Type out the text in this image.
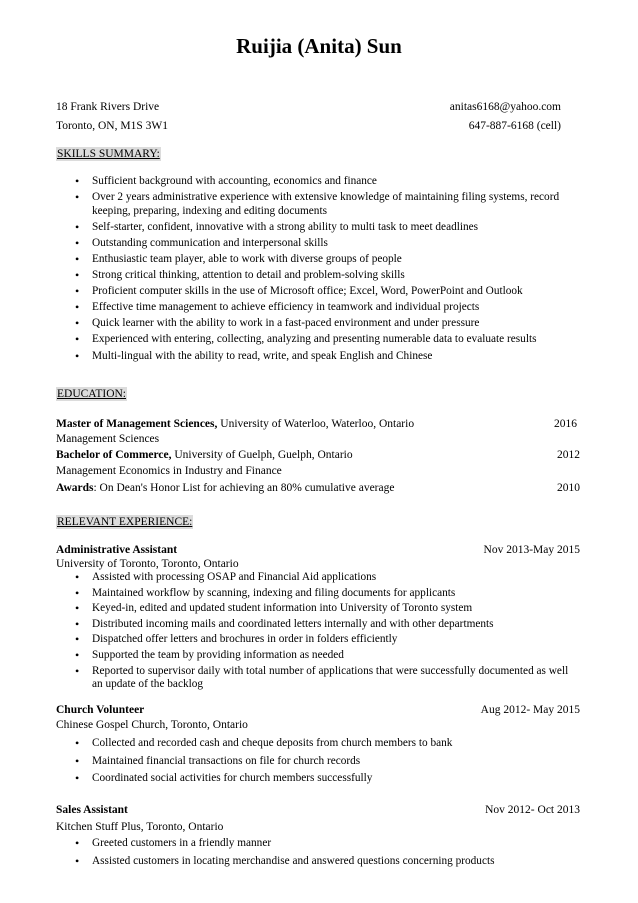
Ruijia (Anita) Sun
18 Frank Rivers Drive	anitas6168@yahoo.com
Toronto, ON, M1S 3W1	647-887-6168 (cell)
SKILLS SUMMARY:
• Sufficient background with accounting, economics and finance
• Over 2 years administrative experience with extensive knowledge of maintaining filing systems, record keeping, preparing, indexing and editing documents
• Self-starter, confident, innovative with a strong ability to multi task to meet deadlines
• Outstanding communication and interpersonal skills
• Enthusiastic team player, able to work with diverse groups of people
• Strong critical thinking, attention to detail and problem-solving skills
• Proficient computer skills in the use of Microsoft office; Excel, Word, PowerPoint and Outlook
• Effective time management to achieve efficiency in teamwork and individual projects
• Quick learner with the ability to work in a fast-paced environment and under pressure
• Experienced with entering, collecting, analyzing and presenting numerable data to evaluate results
• Multi-lingual with the ability to read, write, and speak English and Chinese
EDUCATION:
Master of Management Sciences, University of Waterloo, Waterloo, Ontario	2016
Management Sciences
Bachelor of Commerce, University of Guelph, Guelph, Ontario	2012
Management Economics in Industry and Finance
Awards: On Dean's Honor List for achieving an 80% cumulative average	2010
RELEVANT EXPERIENCE:
Administrative Assistant	Nov 2013-May 2015
University of Toronto, Toronto, Ontario
• Assisted with processing OSAP and Financial Aid applications
• Maintained workflow by scanning, indexing and filing documents for applicants
• Keyed-in, edited and updated student information into University of Toronto system
• Distributed incoming mails and coordinated letters internally and with other departments
• Dispatched offer letters and brochures in order in folders efficiently
• Supported the team by providing information as needed
• Reported to supervisor daily with total number of applications that were successfully documented as well an update of the backlog
Church Volunteer	Aug 2012- May 2015
Chinese Gospel Church, Toronto, Ontario
• Collected and recorded cash and cheque deposits from church members to bank
• Maintained financial transactions on file for church records
• Coordinated social activities for church members successfully
Sales Assistant	Nov 2012- Oct 2013
Kitchen Stuff Plus, Toronto, Ontario
• Greeted customers in a friendly manner
• Assisted customers in locating merchandise and answered questions concerning products
